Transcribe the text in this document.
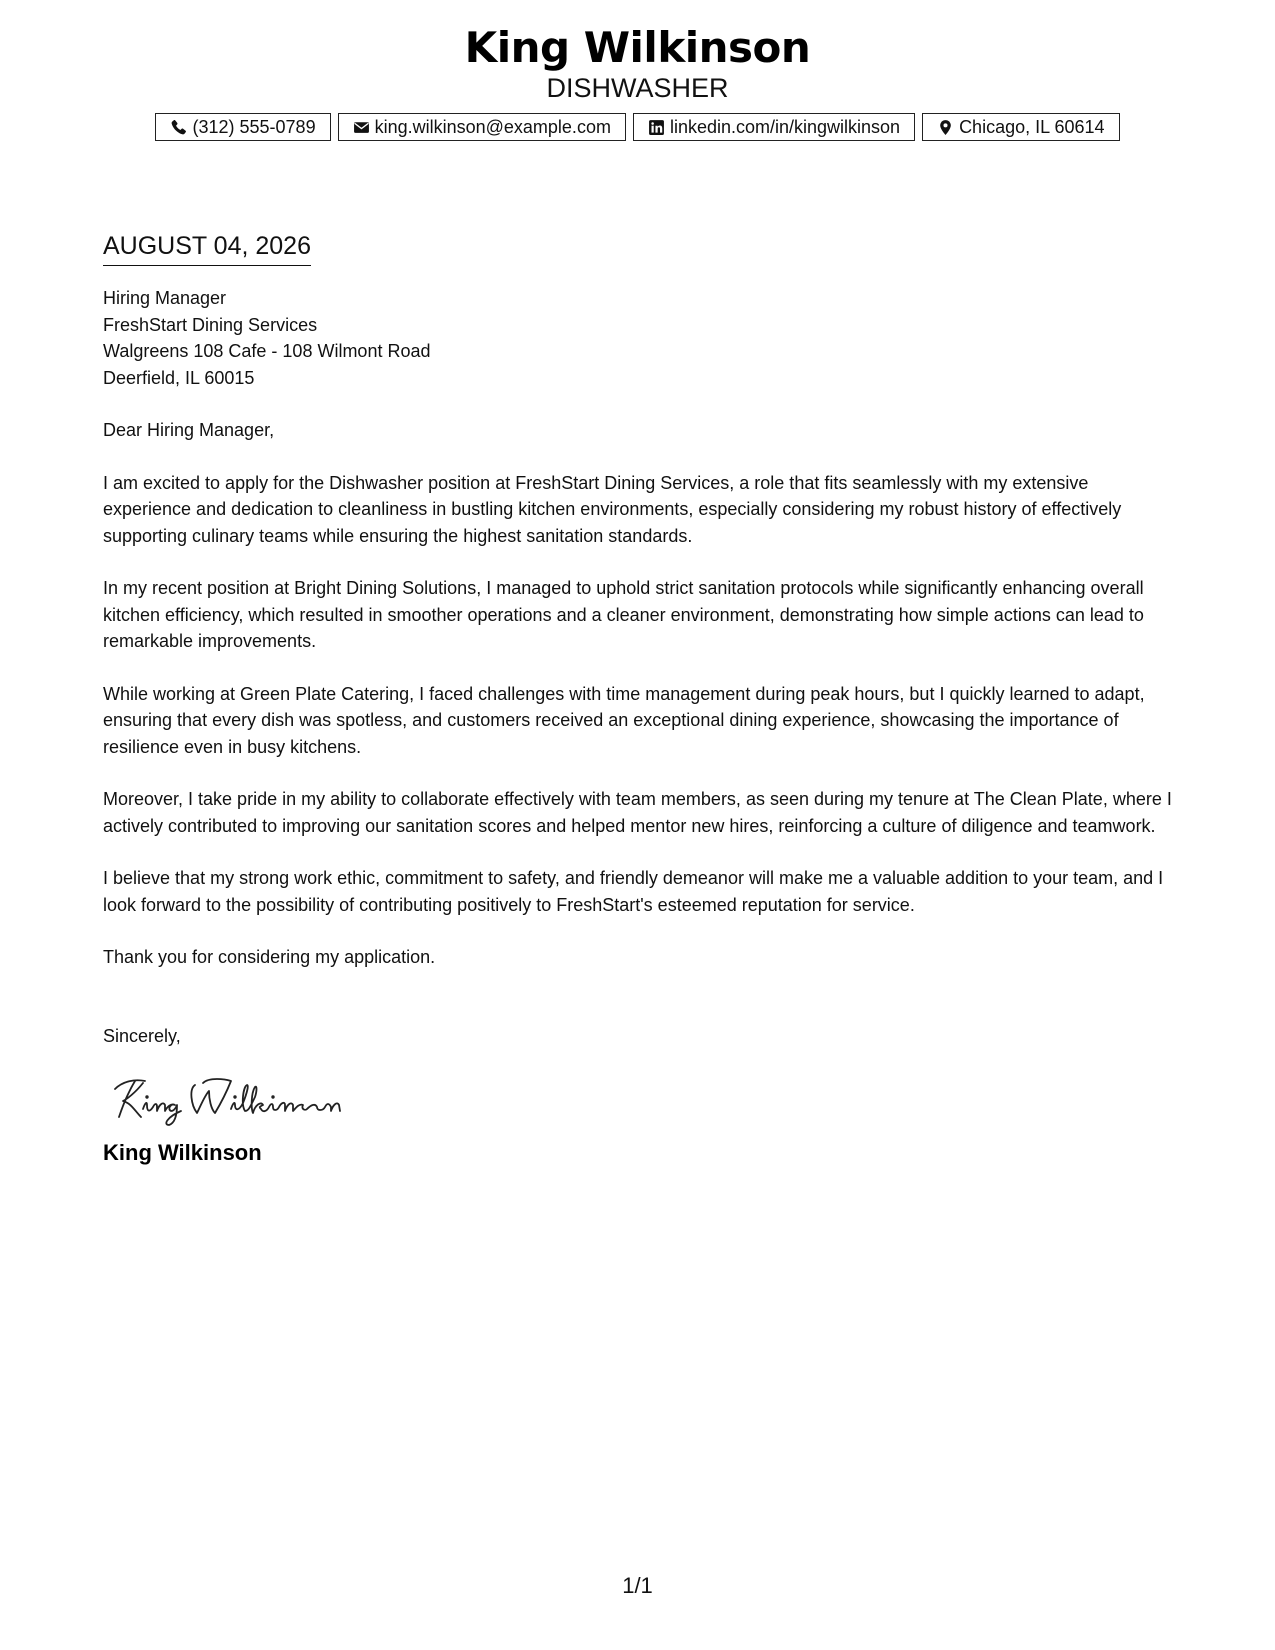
King Wilkinson
DISHWASHER
(312) 555-0789	king.wilkinson@example.com	linkedin.com/in/kingwilkinson	Chicago, IL 60614
AUGUST 04, 2026
Hiring Manager
FreshStart Dining Services
Walgreens 108 Cafe - 108 Wilmont Road
Deerfield, IL 60015
Dear Hiring Manager,
I am excited to apply for the Dishwasher position at FreshStart Dining Services, a role that fits seamlessly with my extensive experience and dedication to cleanliness in bustling kitchen environments, especially considering my robust history of effectively supporting culinary teams while ensuring the highest sanitation standards.
In my recent position at Bright Dining Solutions, I managed to uphold strict sanitation protocols while significantly enhancing overall kitchen efficiency, which resulted in smoother operations and a cleaner environment, demonstrating how simple actions can lead to remarkable improvements.
While working at Green Plate Catering, I faced challenges with time management during peak hours, but I quickly learned to adapt, ensuring that every dish was spotless, and customers received an exceptional dining experience, showcasing the importance of resilience even in busy kitchens.
Moreover, I take pride in my ability to collaborate effectively with team members, as seen during my tenure at The Clean Plate, where I actively contributed to improving our sanitation scores and helped mentor new hires, reinforcing a culture of diligence and teamwork.
I believe that my strong work ethic, commitment to safety, and friendly demeanor will make me a valuable addition to your team, and I look forward to the possibility of contributing positively to FreshStart's esteemed reputation for service.
Thank you for considering my application.
Sincerely,
King Wilkinson
1/1
